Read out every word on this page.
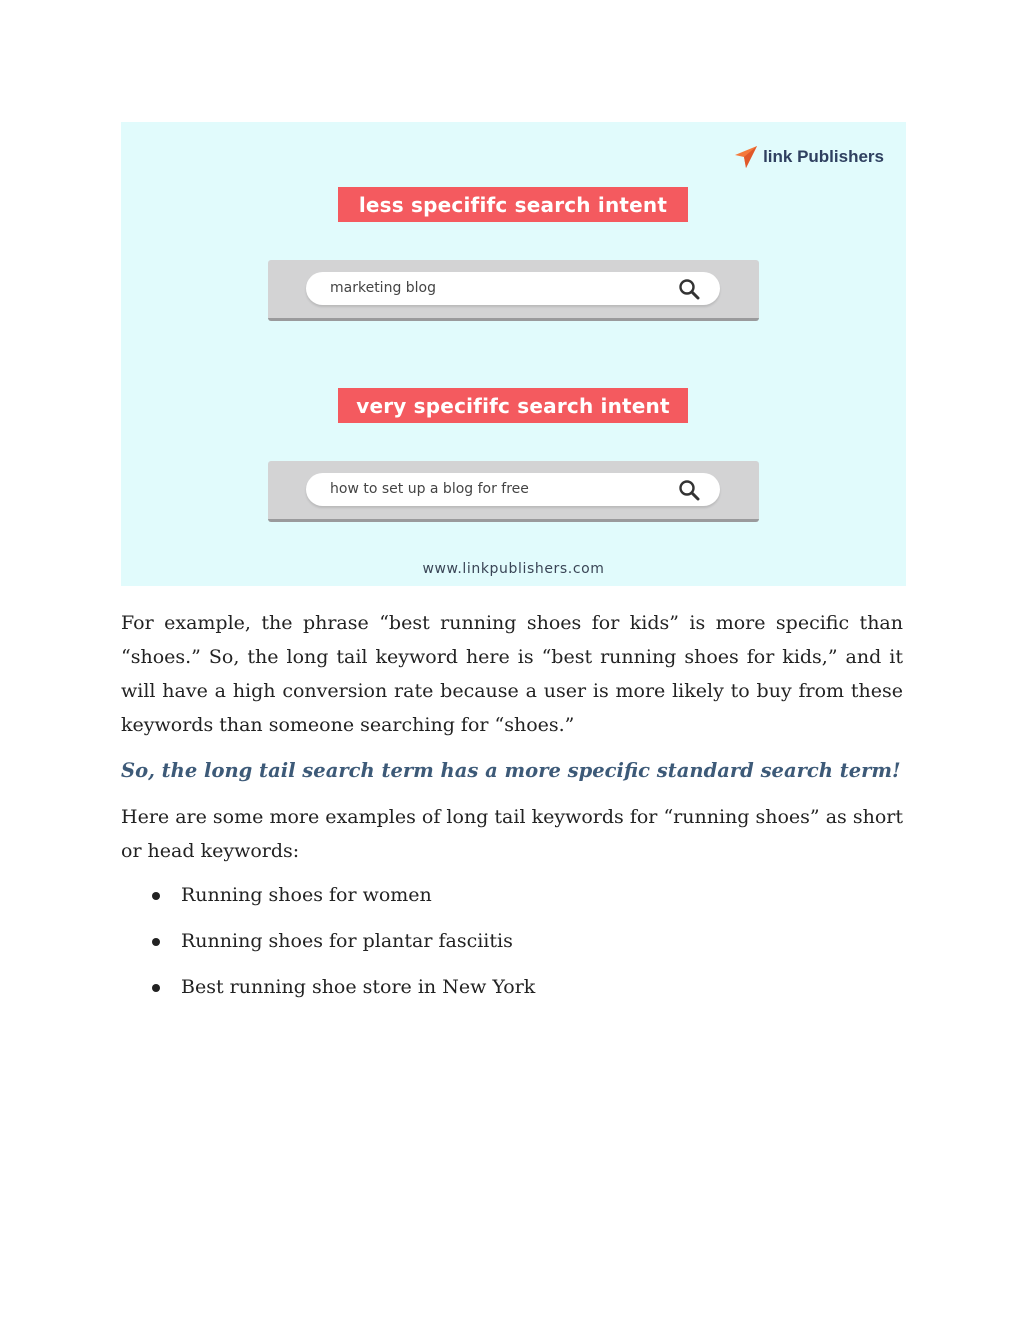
link Publishers
less specififc search intent
marketing blog
very specififc search intent
how to set up a blog for free
www.linkpublishers.com

For example, the phrase “best running shoes for kids” is more specific than “shoes.” So, the long tail keyword here is “best running shoes for kids,” and it will have a high conversion rate because a user is more likely to buy from these keywords than someone searching for “shoes.”

So, the long tail search term has a more specific standard search term!

Here are some more examples of long tail keywords for “running shoes” as short or head keywords:

Running shoes for women
Running shoes for plantar fasciitis
Best running shoe store in New York
